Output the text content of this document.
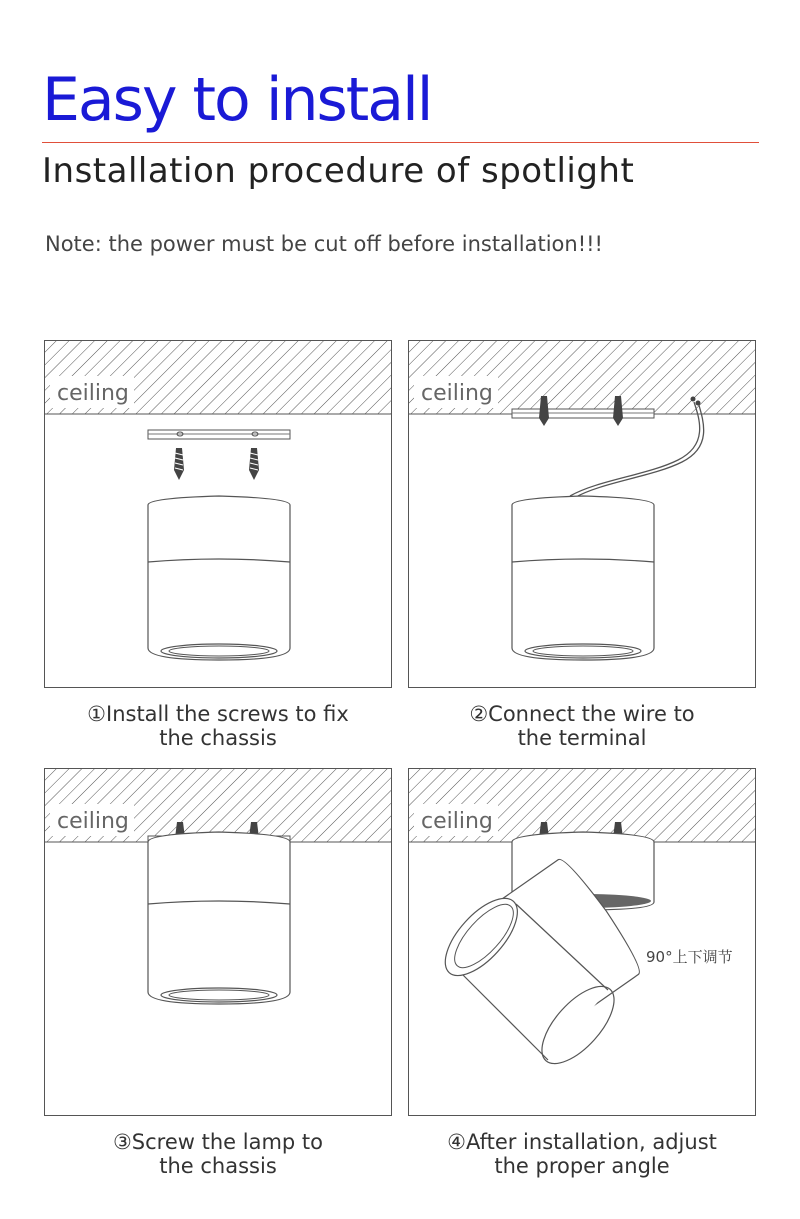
Easy to install
Installation procedure of spotlight
Note: the power must be cut off before installation!!!
ceiling
①Install the screws to fix
the chassis
ceiling
②Connect the wire to
the terminal
ceiling
③Screw the lamp to
the chassis
ceiling
90°上下调节
④After installation, adjust
the proper angle
